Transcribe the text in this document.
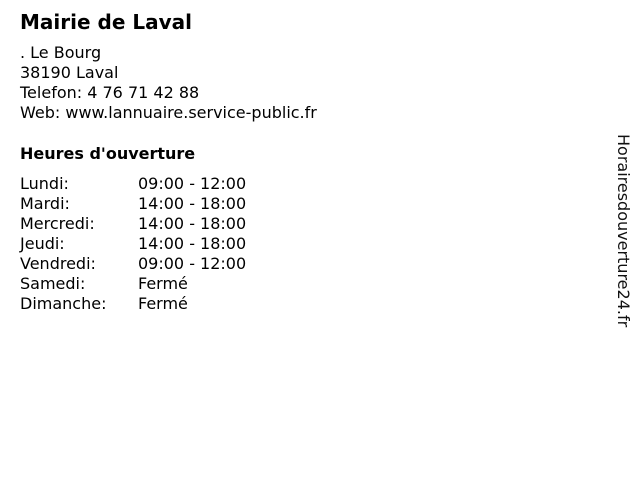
Mairie de Laval
. Le Bourg
38190 Laval
Telefon: 4 76 71 42 88
Web: www.lannuaire.service-public.fr
Heures d'ouverture
Lundi:	09:00 - 12:00
Mardi:	14:00 - 18:00
Mercredi:	14:00 - 18:00
Jeudi:	14:00 - 18:00
Vendredi:	09:00 - 12:00
Samedi:	Fermé
Dimanche:	Fermé	Horairesdouverture24.fr
